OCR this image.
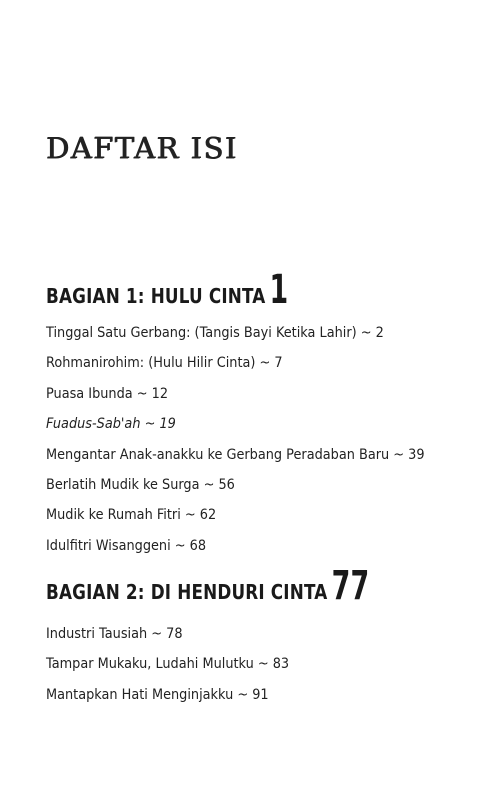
DAFTAR ISI
BAGIAN 1: HULU CINTA 1
Tinggal Satu Gerbang: (Tangis Bayi Ketika Lahir) ~ 2
Rohmanirohim: (Hulu Hilir Cinta) ~ 7
Puasa Ibunda ~ 12
Fuadus-Sab'ah ~ 19
Mengantar Anak-anakku ke Gerbang Peradaban Baru ~ 39
Berlatih Mudik ke Surga ~ 56
Mudik ke Rumah Fitri ~ 62
Idulfitri Wisanggeni ~ 68
BAGIAN 2: DI HENDURI CINTA 77
Industri Tausiah ~ 78
Tampar Mukaku, Ludahi Mulutku ~ 83
Mantapkan Hati Menginjakku ~ 91
